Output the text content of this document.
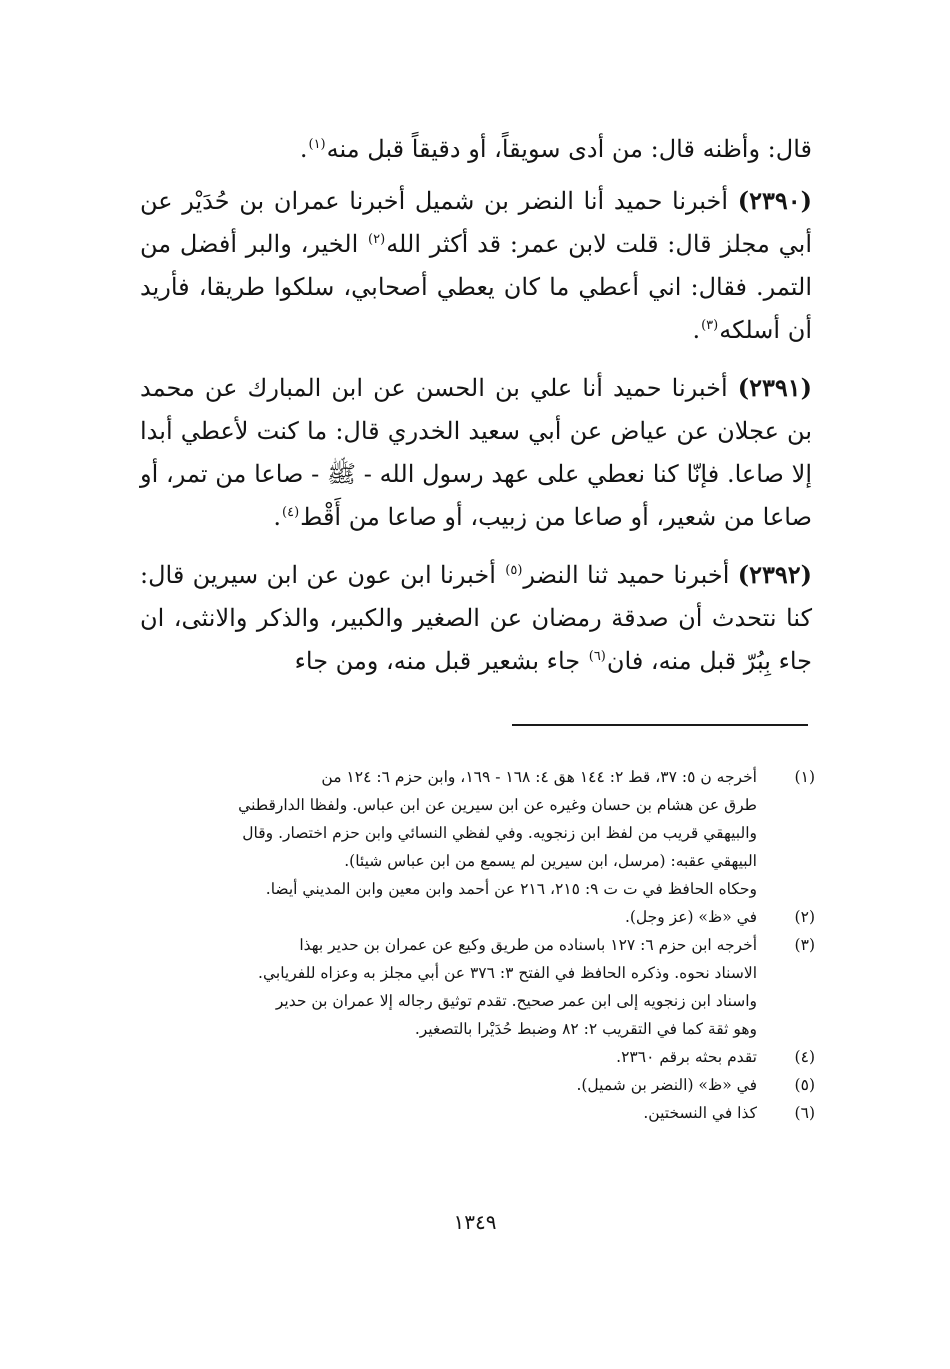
قال: وأظنه قال: من أدى سويقاً، أو دقيقاً قبل منه$^{(١)}$.

(٢٣٩٠) أخبرنا حميد أنا النضر بن شميل أخبرنا عمران بن حُدَيْر عن أبي مجلز قال: قلت لابن عمر: قد أكثر الله$^{(٢)}$ الخير، والبر أفضل من التمر. فقال: اني أعطي ما كان يعطي أصحابي، سلكوا طريقا، فأريد أن أسلكه$^{(٣)}$.

(٢٣٩١) أخبرنا حميد أنا علي بن الحسن عن ابن المبارك عن محمد بن عجلان عن عياض عن أبي سعيد الخدري قال: ما كنت لأعطي أبدا إلا صاعا. فإنّا كنا نعطي على عهد رسول الله - ﷺ - صاعا من تمر، أو صاعا من شعير، أو صاعا من زبيب، أو صاعا من أَقْط$^{(٤)}$.

(٢٣٩٢) أخبرنا حميد ثنا النضر$^{(٥)}$ أخبرنا ابن عون عن ابن سيرين قال: كنا نتحدث أن صدقة رمضان عن الصغير والكبير، والذكر والانثى، ان جاء بِبُرّ قبل منه، فان$^{(٦)}$ جاء بشعير قبل منه، ومن جاء

(١)
أخرجه ن ٥: ٣٧، قط ٢: ١٤٤ هق ٤: ١٦٨ - ١٦٩، وابن حزم ٦: ١٢٤ من
طرق عن هشام بن حسان وغيره عن ابن سيرين عن ابن عباس. ولفظا الدارقطني
والبيهقي قريب من لفظ ابن زنجويه. وفي لفظي النسائي وابن حزم اختصار. وقال
البيهقي عقبه: (مرسل، ابن سيرين لم يسمع من ابن عباس شيئا).
وحكاه الحافظ في ت ت ٩: ٢١٥، ٢١٦ عن أحمد وابن معين وابن المديني أيضا.
(٢)
في «ظ» (عز وجل).
(٣)
أخرجه ابن حزم ٦: ١٢٧ باسناده من طريق وكيع عن عمران بن حدير بهذا
الاسناد نحوه. وذكره الحافظ في الفتح ٣: ٣٧٦ عن أبي مجلز به وعزاه للفريابي.
واسناد ابن زنجويه إلى ابن عمر صحيح. تقدم توثيق رجاله إلا عمران بن حدير
وهو ثقة كما في التقريب ٢: ٨٢ وضبط حُدَيْرا بالتصغير.
(٤)
تقدم بحثه برقم ٢٣٦٠.
(٥)
في «ظ» (النضر بن شميل).
(٦)
كذا في النسختين.
١٣٤٩
